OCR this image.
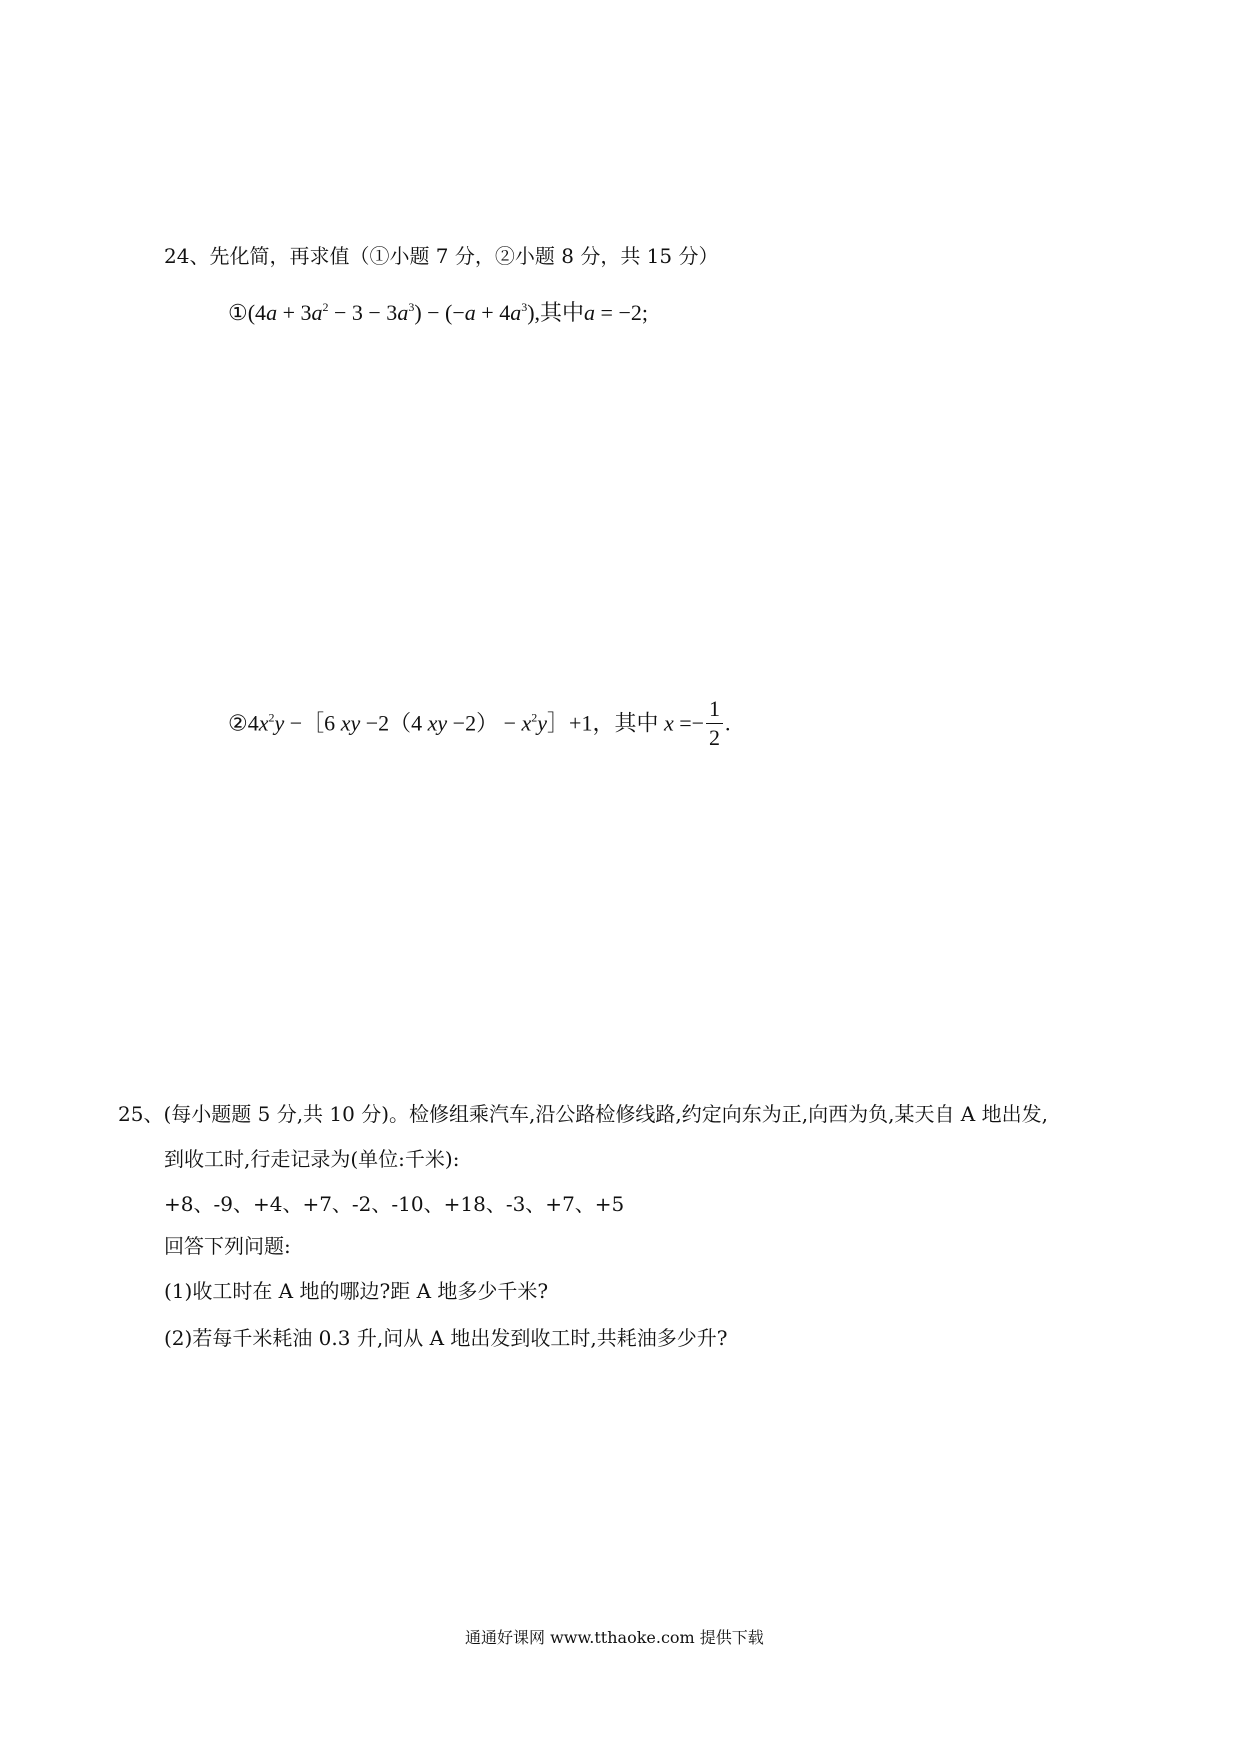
24、先化简，再求值（①小题 7 分，②小题 8 分，共 15 分）
①(4a + $3a^2 - 3 - 3a^3) - (-a + 4a^3)$,其中a = −2;
$②4x^2y$ −［6 xy −2（4 xy $-2) - x^2y]+1$，其中 $x =- \frac{1}{2}$ .
25、(每小题题 5 分,共 10 分)。检修组乘汽车,沿公路检修线路,约定向东为正,向西为负,某天自 A 地出发,
到收工时,行走记录为(单位:千米):
+8、-9、+4、+7、-2、-10、+18、-3、+7、+5
回答下列问题:
(1)收工时在 A 地的哪边?距 A 地多少千米?
(2)若每千米耗油 0.3 升,问从 A 地出发到收工时,共耗油多少升?
通通好课网 www.tthaoke.com 提供下载
